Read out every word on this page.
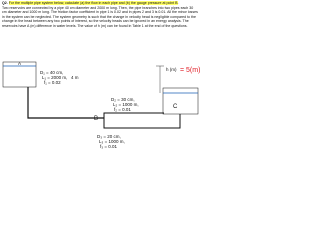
Q2. For the multiple pipe system below, calculate (a) the flow in each pipe and (b) the gauge pressure at point B.

Two reservoirs are connected by a pipe 40 cm diameter and 2000 m long. Then, the pipe branches into two pipes each 30 cm diameter and 1000 m long. The friction factor coefficient in pipe 1 is 0.02 and in pipes 2 and 3 is 0.01. All the minor losses in the system can be neglected. The system geometry is such that the change in velocity head is negligible compared to the change in the head between any two points of interest, so the velocity heads can be ignored in an energy analysis. The reservoirs have A (m) difference in water levels. The value of h (m) can be found in Table 1 at the end of the questions.

A
C
B
h (m) = 5(m)
D₁ = 40 cm,
L₁ = 2000 m, 4 m
f₁ = 0.02
D₂ = 30 cm,
L₂ = 1000 m,
f₂ = 0.01
D₃ = 20 cm,
L₃ = 1000 m,
f₃ = 0.01
